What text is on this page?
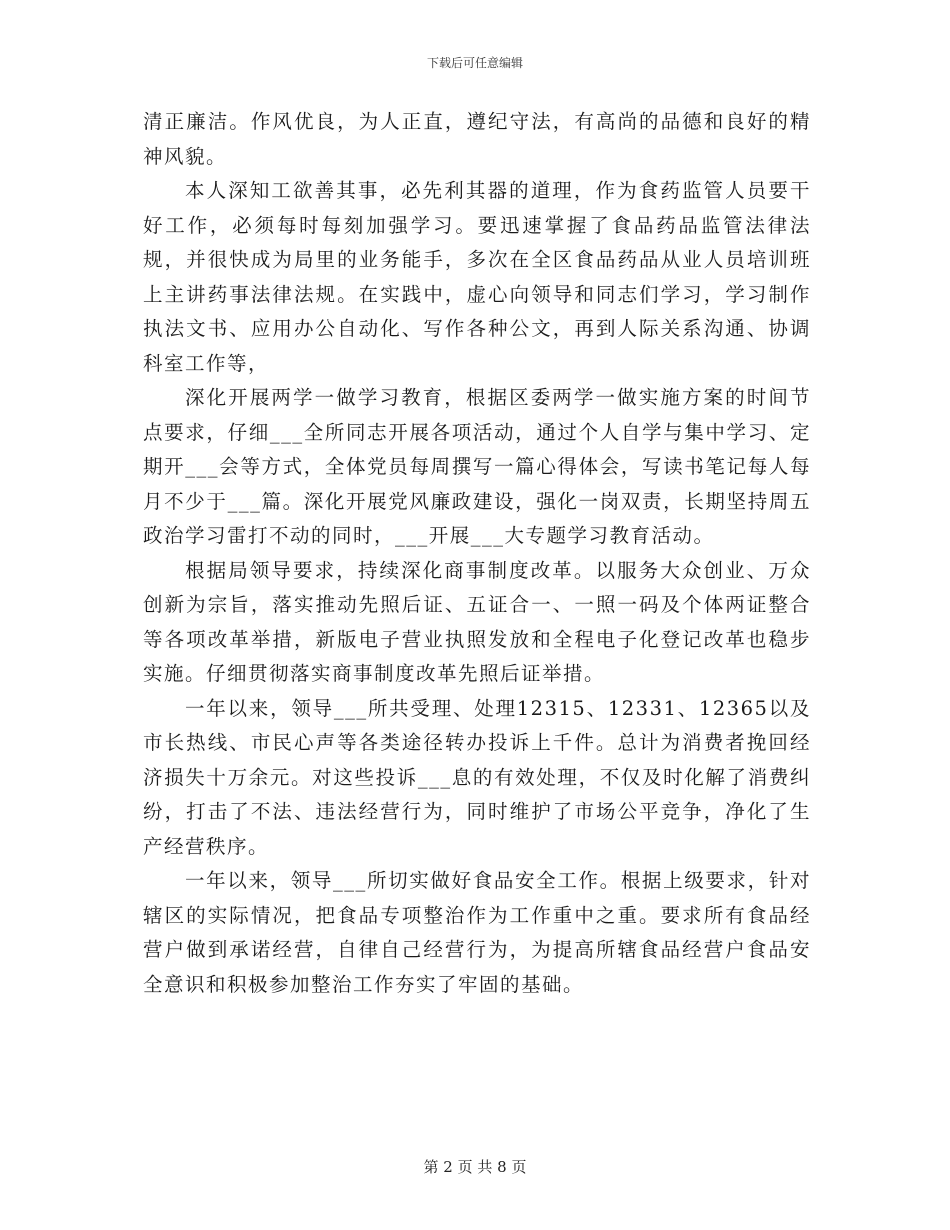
下载后可任意编辑

清正廉洁。作风优良，为人正直，遵纪守法，有高尚的品德和良好的精神风貌。

本人深知工欲善其事，必先利其器的道理，作为食药监管人员要干好工作，必须每时每刻加强学习。要迅速掌握了食品药品监管法律法规，并很快成为局里的业务能手，多次在全区食品药品从业人员培训班上主讲药事法律法规。在实践中，虚心向领导和同志们学习，学习制作执法文书、应用办公自动化、写作各种公文，再到人际关系沟通、协调科室工作等，

深化开展两学一做学习教育，根据区委两学一做实施方案的时间节点要求，仔细___全所同志开展各项活动，通过个人自学与集中学习、定期开___会等方式，全体党员每周撰写一篇心得体会，写读书笔记每人每月不少于___篇。深化开展党风廉政建设，强化一岗双责，长期坚持周五政治学习雷打不动的同时，___开展___大专题学习教育活动。

根据局领导要求，持续深化商事制度改革。以服务大众创业、万众创新为宗旨，落实推动先照后证、五证合一、一照一码及个体两证整合等各项改革举措，新版电子营业执照发放和全程电子化登记改革也稳步实施。仔细贯彻落实商事制度改革先照后证举措。

一年以来，领导___所共受理、处理12315、12331、12365以及市长热线、市民心声等各类途径转办投诉上千件。总计为消费者挽回经济损失十万余元。对这些投诉___息的有效处理，不仅及时化解了消费纠纷，打击了不法、违法经营行为，同时维护了市场公平竞争，净化了生产经营秩序。

一年以来，领导___所切实做好食品安全工作。根据上级要求，针对辖区的实际情况，把食品专项整治作为工作重中之重。要求所有食品经营户做到承诺经营，自律自己经营行为，为提高所辖食品经营户食品安全意识和积极参加整治工作夯实了牢固的基础。

第 2 页 共 8 页
